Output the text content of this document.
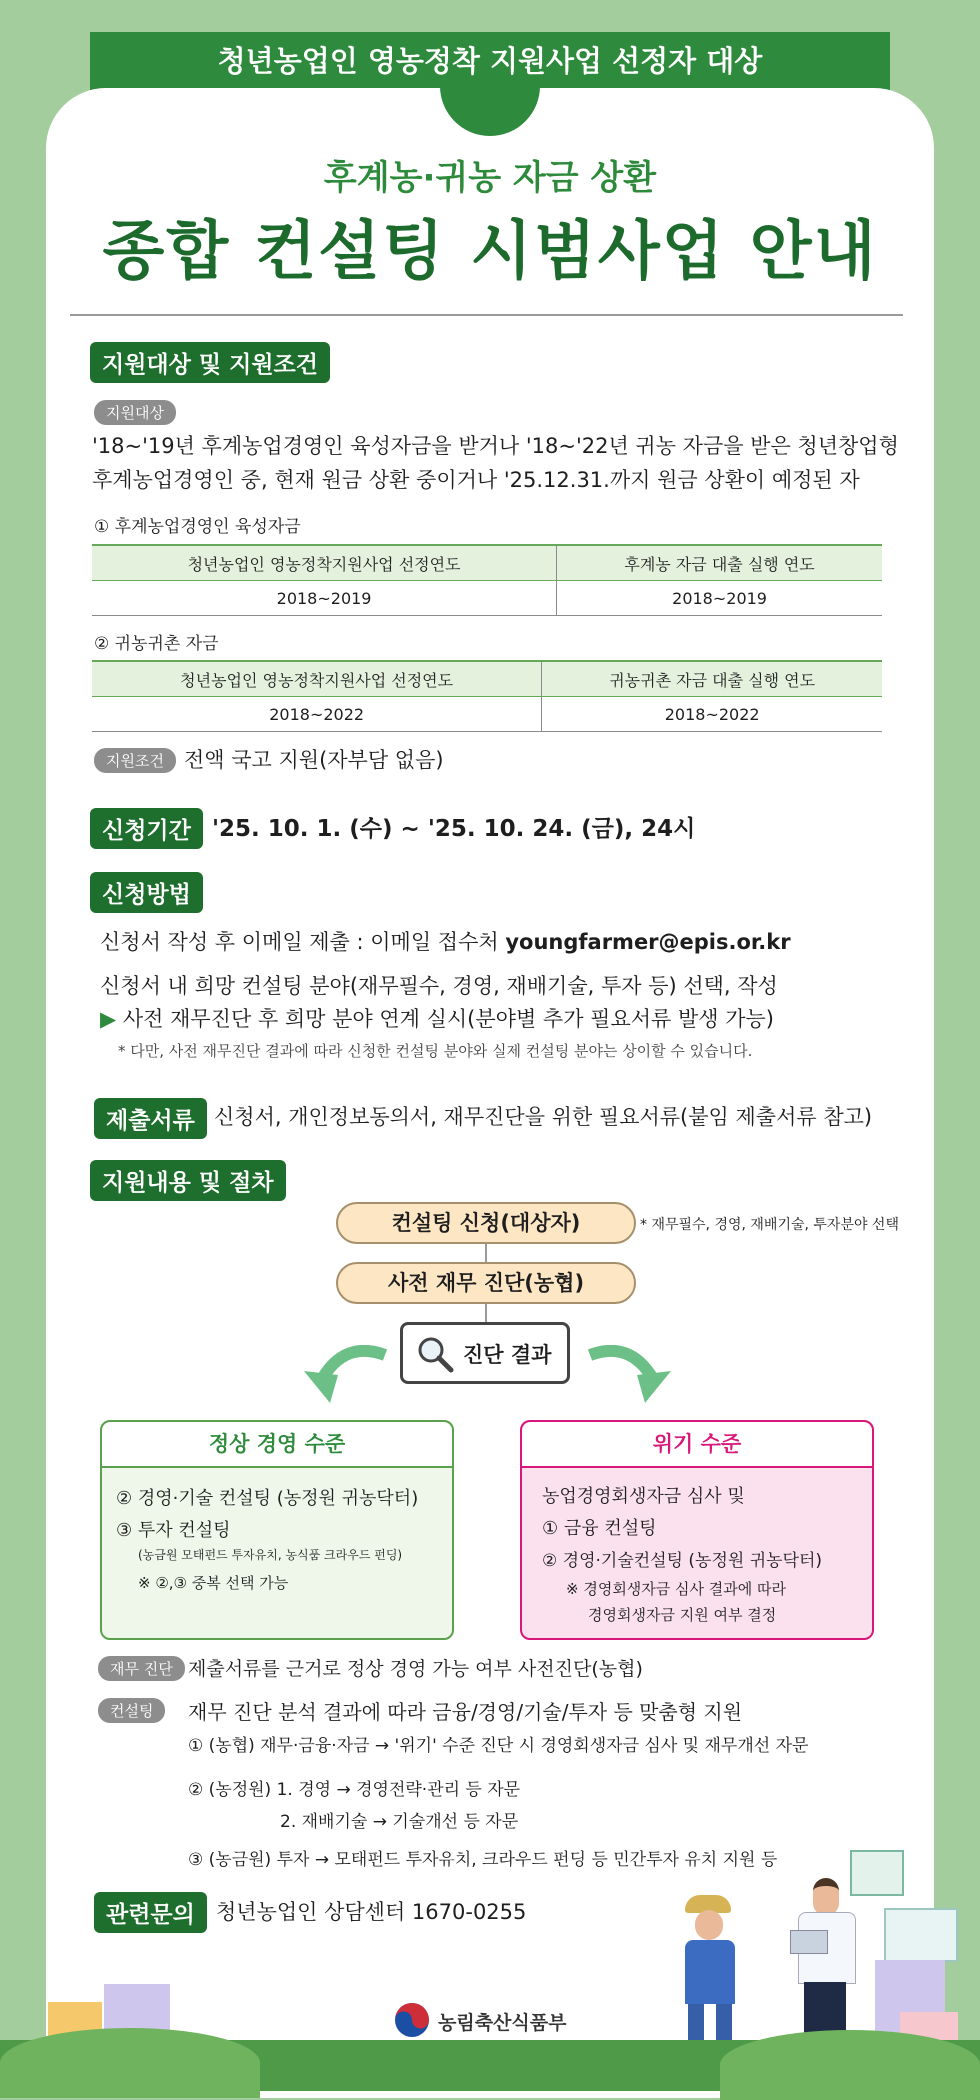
청년농업인 영농정착 지원사업 선정자 대상
후계농·귀농 자금 상환
종합 컨설팅 시범사업 안내
지원대상 및 지원조건
지원대상
'18~'19년 후계농업경영인 육성자금을 받거나 '18~'22년 귀농 자금을 받은 청년창업형
후계농업경영인 중, 현재 원금 상환 중이거나 '25.12.31.까지 원금 상환이 예정된 자
① 후계농업경영인 육성자금
청년농업인 영농정착지원사업 선정연도	후계농 자금 대출 실행 연도
2018~2019	2018~2019
② 귀농귀촌 자금
청년농업인 영농정착지원사업 선정연도	귀농귀촌 자금 대출 실행 연도
2018~2022	2018~2022
지원조건 전액 국고 지원(자부담 없음)
신청기간 '25. 10. 1. (수) ~ '25. 10. 24. (금), 24시
신청방법
신청서 작성 후 이메일 제출 : 이메일 접수처 youngfarmer@epis.or.kr
신청서 내 희망 컨설팅 분야(재무필수, 경영, 재배기술, 투자 등) 선택, 작성
▶ 사전 재무진단 후 희망 분야 연계 실시(분야별 추가 필요서류 발생 가능)
* 다만, 사전 재무진단 결과에 따라 신청한 컨설팅 분야와 실제 컨설팅 분야는 상이할 수 있습니다.
제출서류 신청서, 개인정보동의서, 재무진단을 위한 필요서류(붙임 제출서류 참고)
지원내용 및 절차
컨설팅 신청(대상자)	* 재무필수, 경영, 재배기술, 투자분야 선택
사전 재무 진단(농협)
진단 결과
정상 경영 수준
② 경영·기술 컨설팅 (농정원 귀농닥터)
③ 투자 컨설팅
(농금원 모태펀드 투자유치, 농식품 크라우드 펀딩)
※ ②,③ 중복 선택 가능
위기 수준
농업경영회생자금 심사 및
① 금융 컨설팅
② 경영·기술컨설팅 (농정원 귀농닥터)
※ 경영회생자금 심사 결과에 따라
경영회생자금 지원 여부 결정
재무 진단 제출서류를 근거로 정상 경영 가능 여부 사전진단(농협)
컨설팅	재무 진단 분석 결과에 따라 금융/경영/기술/투자 등 맞춤형 지원
① (농협) 재무·금융·자금 → '위기' 수준 진단 시 경영회생자금 심사 및 재무개선 자문
② (농정원) 1. 경영 → 경영전략·관리 등 자문
2. 재배기술 → 기술개선 등 자문
③ (농금원) 투자 → 모태펀드 투자유치, 크라우드 펀딩 등 민간투자 유치 지원 등
관련문의	청년농업인 상담센터 1670-0255
농림축산식품부
